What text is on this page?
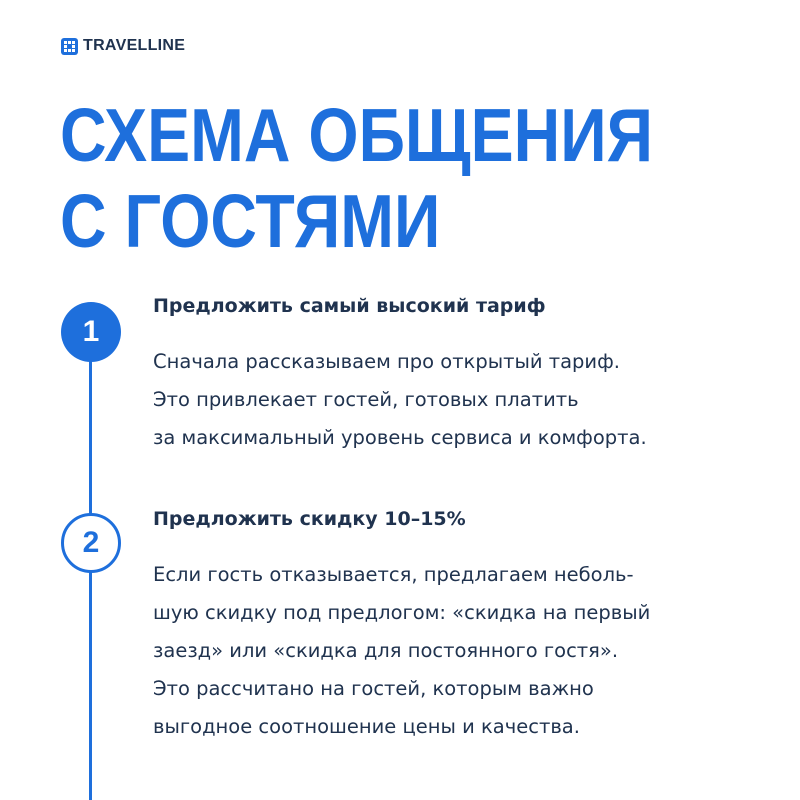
TRAVELLINE
СХЕМА ОБЩЕНИЯ
С ГОСТЯМИ
1
Предложить самый высокий тариф

Сначала рассказываем про открытый тариф.
Это привлекает гостей, готовых платить
за максимальный уровень сервиса и комфорта.

2
Предложить скидку 10–15%

Если гость отказывается, предлагаем неболь-
шую скидку под предлогом: «скидка на первый
заезд» или «скидка для постоянного гостя».
Это рассчитано на гостей, которым важно
выгодное соотношение цены и качества.
